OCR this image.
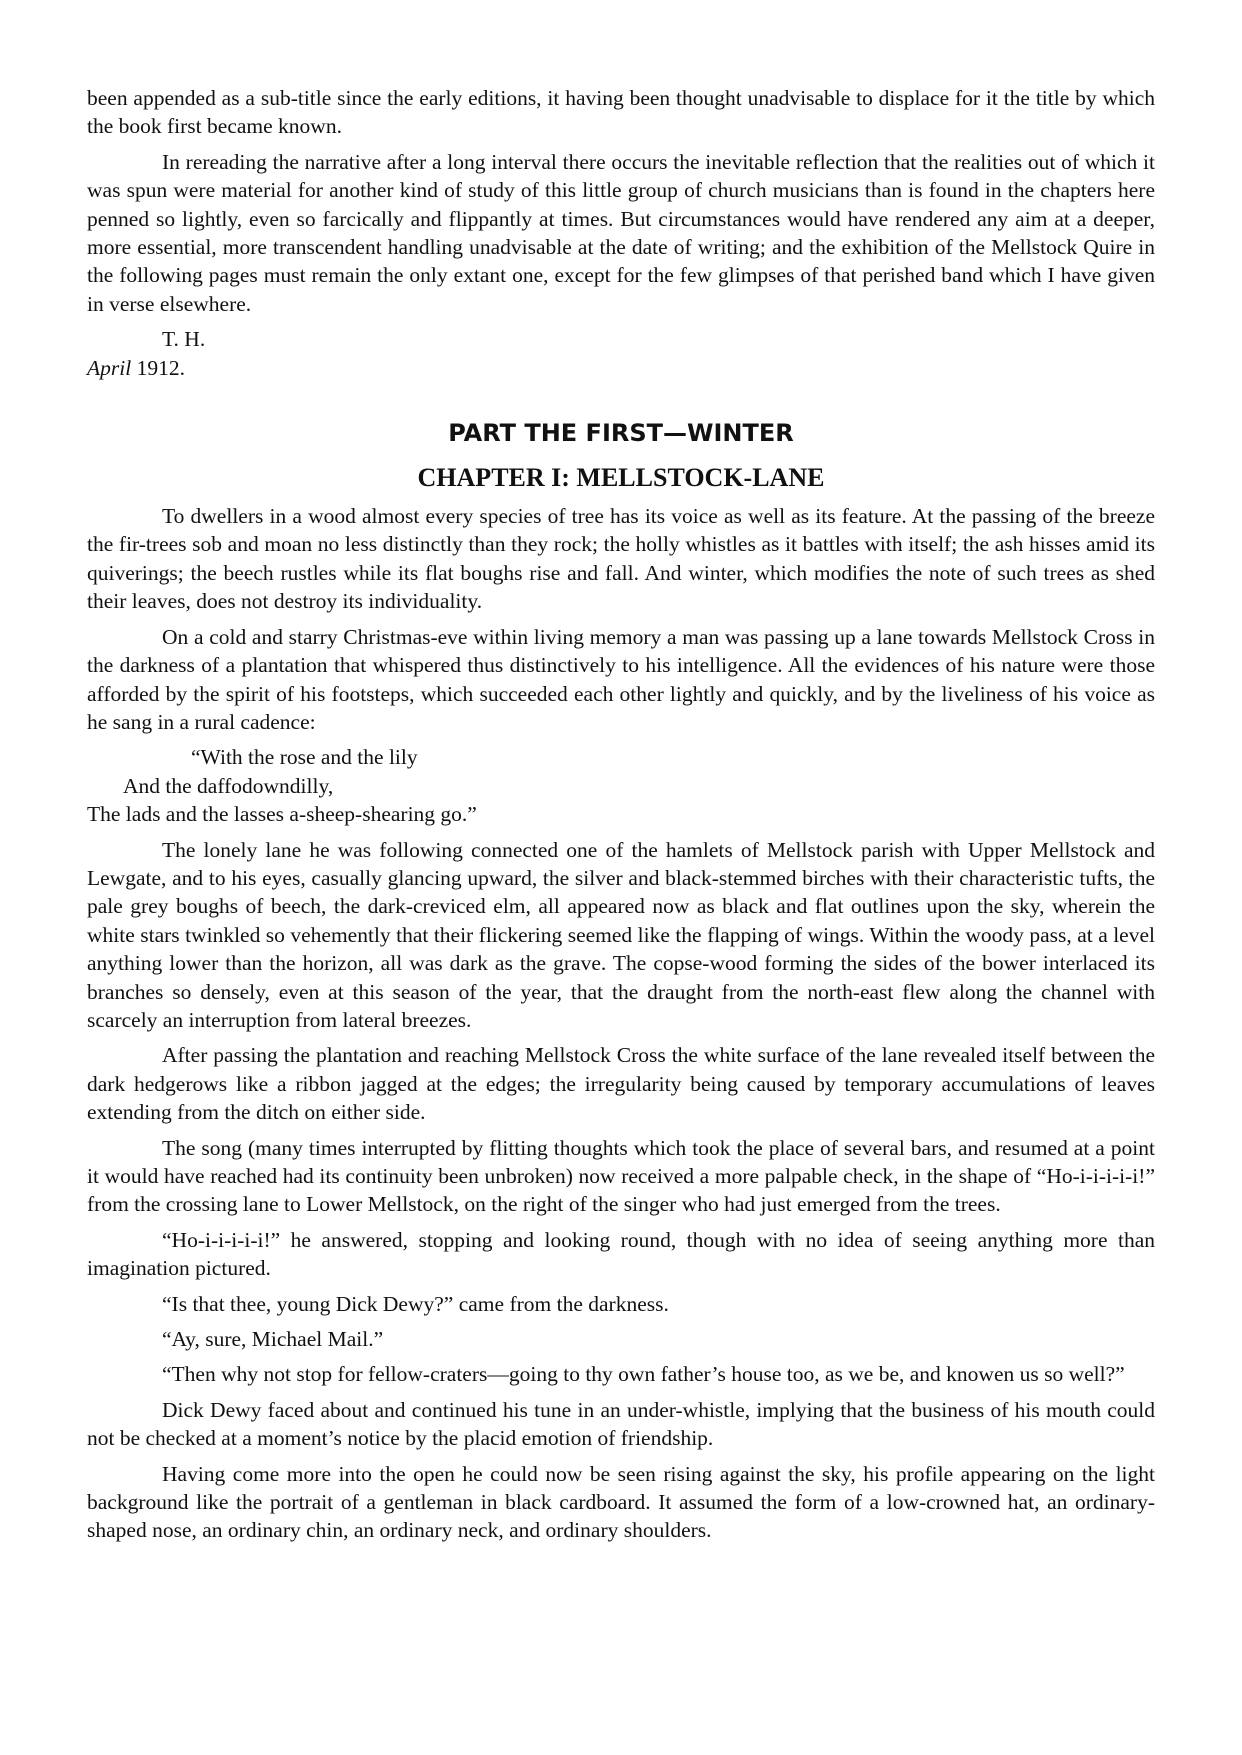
been appended as a sub-title since the early editions, it having been thought unadvisable to displace for it the title by which the book first became known.

In rereading the narrative after a long interval there occurs the inevitable reflection that the realities out of which it was spun were material for another kind of study of this little group of church musicians than is found in the chapters here penned so lightly, even so farcically and flippantly at times. But circumstances would have rendered any aim at a deeper, more essential, more transcendent handling unadvisable at the date of writing; and the exhibition of the Mellstock Quire in the following pages must remain the only extant one, except for the few glimpses of that perished band which I have given in verse elsewhere.

T. H.
April 1912.
PART THE FIRST—WINTER
CHAPTER I: MELLSTOCK-LANE

To dwellers in a wood almost every species of tree has its voice as well as its feature. At the passing of the breeze the fir-trees sob and moan no less distinctly than they rock; the holly whistles as it battles with itself; the ash hisses amid its quiverings; the beech rustles while its flat boughs rise and fall. And winter, which modifies the note of such trees as shed their leaves, does not destroy its individuality.

On a cold and starry Christmas-eve within living memory a man was passing up a lane towards Mellstock Cross in the darkness of a plantation that whispered thus distinctively to his intelligence. All the evidences of his nature were those afforded by the spirit of his footsteps, which succeeded each other lightly and quickly, and by the liveliness of his voice as he sang in a rural cadence:

“With the rose and the lily
And the daffodowndilly,
The lads and the lasses a-sheep-shearing go.”

The lonely lane he was following connected one of the hamlets of Mellstock parish with Upper Mellstock and Lewgate, and to his eyes, casually glancing upward, the silver and black-stemmed birches with their characteristic tufts, the pale grey boughs of beech, the dark-creviced elm, all appeared now as black and flat outlines upon the sky, wherein the white stars twinkled so vehemently that their flickering seemed like the flapping of wings. Within the woody pass, at a level anything lower than the horizon, all was dark as the grave. The copse-wood forming the sides of the bower interlaced its branches so densely, even at this season of the year, that the draught from the north-east flew along the channel with scarcely an interruption from lateral breezes.

After passing the plantation and reaching Mellstock Cross the white surface of the lane revealed itself between the dark hedgerows like a ribbon jagged at the edges; the irregularity being caused by temporary accumulations of leaves extending from the ditch on either side.

The song (many times interrupted by flitting thoughts which took the place of several bars, and resumed at a point it would have reached had its continuity been unbroken) now received a more palpable check, in the shape of “Ho-i-i-i-i-i!” from the crossing lane to Lower Mellstock, on the right of the singer who had just emerged from the trees.

“Ho-i-i-i-i-i!” he answered, stopping and looking round, though with no idea of seeing anything more than imagination pictured.

“Is that thee, young Dick Dewy?” came from the darkness.

“Ay, sure, Michael Mail.”

“Then why not stop for fellow-craters—going to thy own father’s house too, as we be, and knowen us so well?”

Dick Dewy faced about and continued his tune in an under-whistle, implying that the business of his mouth could not be checked at a moment’s notice by the placid emotion of friendship.

Having come more into the open he could now be seen rising against the sky, his profile appearing on the light background like the portrait of a gentleman in black cardboard. It assumed the form of a low-crowned hat, an ordinary-shaped nose, an ordinary chin, an ordinary neck, and ordinary shoulders.
